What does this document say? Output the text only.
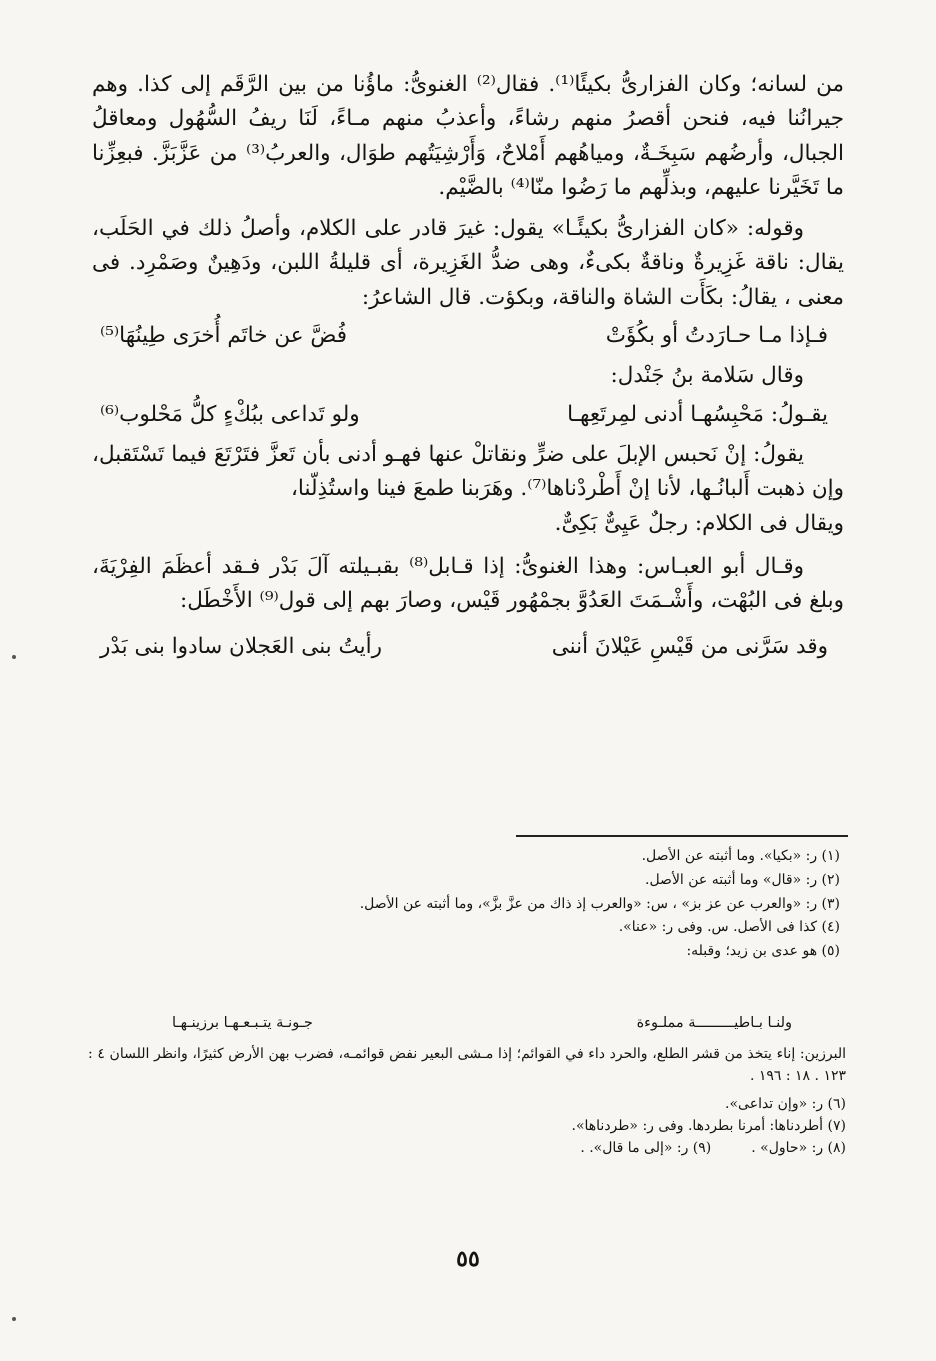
من لسانه؛ وكان الفزارىُّ بكيئًا⁽¹⁾. فقال⁽²⁾ الغنوىُّ: ماؤُنا من بين الرَّقَم إلى كذا. وهم جيرانُنا فيه، فنحن أقصرُ منهم رشاءً، وأعذبُ منهم مـاءً، لَنَا ريفُ السُّهُول ومعاقلُ الجبال، وأرضُهم سَبِخَـةٌ، ومياهُهم أَمْلاحٌ، وَأَرْشِيَتُهم طوَال، والعربُ⁽³⁾ من عَزَّبَزَّ. فبعِزِّنا ما تَخَيَّرنا عليهم، وبذلِّهم ما رَضُوا منّا⁽⁴⁾ بالضَّيْم.

وقوله: «كان الفزارىُّ بكيئًـا» يقول: غيرَ قادر على الكلام، وأصلُ ذلك في الحَلَب، يقال: ناقة غَزِيرةٌ وناقةٌ بكىءٌ، وهى ضدُّ الغَزِيرة، أى قليلةُ اللبن، ودَهِينٌ وصَمْرِد. فى معنى ، يقالُ: بكَأَت الشاة والناقة، وبكؤت. قال الشاعرُ:

فـإذا مـا حـارَدتُ أو بكُؤَتْ
فُضَّ عن خاتَم أُخرَى طِينُهَا⁽⁵⁾

وقال سَلامة بنُ جَنْدل:

يقـولُ: مَحْبِسُهـا أدنى لمِرتَعِهـا
ولو تَداعى ببُكْءٍ كلُّ مَحْلوب⁽⁶⁾

يقولُ: إنْ نَحبس الإبلَ على ضرٍّ ونقاتلْ عنها فهـو أدنى بأن تَعزَّ فتَرْتَعَ فيما تَسْتَقبل، وإن ذهبت أَلبانُـها، لأنا إنْ أَطْردْناها⁽⁷⁾. وهَرَبنا طمعَ فينا واستُذِلّنا،

ويقال فى الكلام: رجلٌ عَيِىٌّ بَكِىٌّ.

وقـال أبو العبـاس: وهذا الغنوىُّ: إذا قـابل⁽⁸⁾ بقبـيلته آلَ بَدْر فـقد أعظَمَ الفِرْيَةَ، وبلغ فى البُهْت، وأَشْـمَتَ العَدُوَّ بجمْهُور قَيْس، وصارَ بهم إلى قول⁽⁹⁾ الأَخْطَل:

وقد سَرَّنى من قَيْسِ عَيْلانَ أننى
رأيتُ بنى العَجلان سادوا بنى بَدْر
(١) ر: «بكيا». وما أثبته عن الأصل.
(٢) ر: «قال» وما أثبته عن الأصل.
(٣) ر: «والعرب عن عز بز» ، س: «والعرب إذ ذاك من عزَّ بزَّ»، وما أثبته عن الأصل.
(٤) كذا فى الأصل. س. وفى ر: «عنا».
(٥) هو عدى بن زيد؛ وقبله:
ولنـا بـاطيـــــــــة مملـوءة
جـونـة يتـبـعـهـا برزينـهـا

البرزين: إناء يتخذ من قشر الطلع، والحرد داء في القوائم؛ إذا مـشى البعير نفض قوائمـه، فضرب بهن الأرض كثيرًا، وانظر اللسان ٤ : ١٢٣ . ١٨ : ١٩٦ .

(٦) ر: «وإن تداعى».
(٧) أطردناها: أمرنا بطردها. وفى ر: «طردناها».
(٨) ر: «حاول» .
(٩) ر: «إلى ما قال». .
٥٥
